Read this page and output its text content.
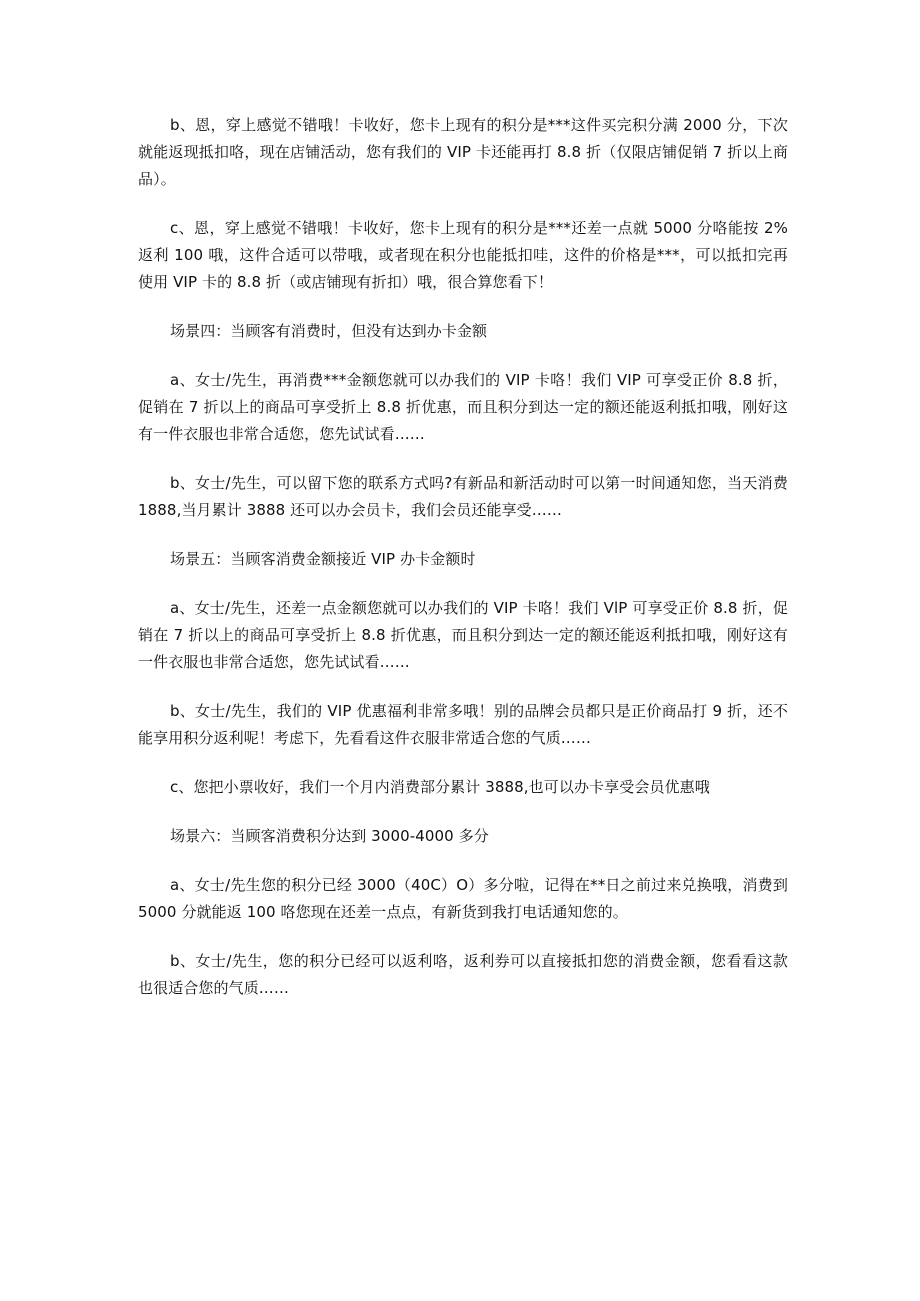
b、恩，穿上感觉不错哦！卡收好，您卡上现有的积分是***这件买完积分满 2000 分，下次就能返现抵扣咯，现在店铺活动，您有我们的 VIP 卡还能再打 8.8 折（仅限店铺促销 7 折以上商品）。

c、恩，穿上感觉不错哦！卡收好，您卡上现有的积分是***还差一点就 5000 分咯能按 2%返利 100 哦，这件合适可以带哦，或者现在积分也能抵扣哇，这件的价格是***，可以抵扣完再使用 VIP 卡的 8.8 折（或店铺现有折扣）哦，很合算您看下！

场景四：当顾客有消费时，但没有达到办卡金额

a、女士/先生，再消费***金额您就可以办我们的 VIP 卡咯！我们 VIP 可享受正价 8.8 折，促销在 7 折以上的商品可享受折上 8.8 折优惠，而且积分到达一定的额还能返利抵扣哦，刚好这有一件衣服也非常合适您，您先试试看……

b、女士/先生，可以留下您的联系方式吗?有新品和新活动时可以第一时间通知您，当天消费 1888,当月累计 3888 还可以办会员卡，我们会员还能享受……

场景五：当顾客消费金额接近 VIP 办卡金额时

a、女士/先生，还差一点金额您就可以办我们的 VIP 卡咯！我们 VlP 可享受正价 8.8 折，促销在 7 折以上的商品可享受折上 8.8 折优惠，而且积分到达一定的额还能返利抵扣哦，刚好这有一件衣服也非常合适您，您先试试看……

b、女士/先生，我们的 VIP 优惠福利非常多哦！别的品牌会员都只是正价商品打 9 折，还不能享用积分返利呢！考虑下，先看看这件衣服非常适合您的气质……

c、您把小票收好，我们一个月内消费部分累计 3888,也可以办卡享受会员优惠哦

场景六：当顾客消费积分达到 3000-4000 多分

a、女士/先生您的积分已经 3000（40C）O）多分啦，记得在**日之前过来兑换哦，消费到 5000 分就能返 100 咯您现在还差一点点，有新货到我打电话通知您的。

b、女士/先生，您的积分已经可以返利咯，返利券可以直接抵扣您的消费金额，您看看这款也很适合您的气质……
